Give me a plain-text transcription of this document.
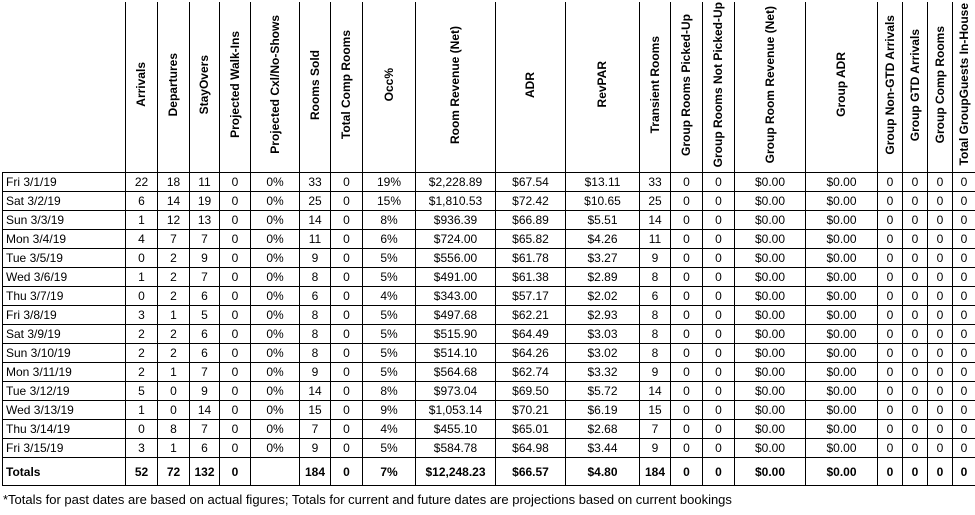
	Arrivals	Departures	StayOvers	Projected Walk-Ins	Projected Cxl/No-Shows	Rooms Sold	Total Comp Rooms	Occ%	Room Revenue (Net)	ADR	RevPAR	Transient Rooms	Group Rooms Picked-Up	Group Rooms Not Picked-Up	Group Room Revenue (Net)	Group ADR	Group Non-GTD Arrivals	Group GTD Arrivals	Group Comp Rooms	Total GroupGuests In-House
Fri 3/1/19	22	18	11	0	0%	33	0	19%	$2,228.89	$67.54	$13.11	33	0	0	$0.00	$0.00	0	0	0	0
Sat 3/2/19	6	14	19	0	0%	25	0	15%	$1,810.53	$72.42	$10.65	25	0	0	$0.00	$0.00	0	0	0	0
Sun 3/3/19	1	12	13	0	0%	14	0	8%	$936.39	$66.89	$5.51	14	0	0	$0.00	$0.00	0	0	0	0
Mon 3/4/19	4	7	7	0	0%	11	0	6%	$724.00	$65.82	$4.26	11	0	0	$0.00	$0.00	0	0	0	0
Tue 3/5/19	0	2	9	0	0%	9	0	5%	$556.00	$61.78	$3.27	9	0	0	$0.00	$0.00	0	0	0	0
Wed 3/6/19	1	2	7	0	0%	8	0	5%	$491.00	$61.38	$2.89	8	0	0	$0.00	$0.00	0	0	0	0
Thu 3/7/19	0	2	6	0	0%	6	0	4%	$343.00	$57.17	$2.02	6	0	0	$0.00	$0.00	0	0	0	0
Fri 3/8/19	3	1	5	0	0%	8	0	5%	$497.68	$62.21	$2.93	8	0	0	$0.00	$0.00	0	0	0	0
Sat 3/9/19	2	2	6	0	0%	8	0	5%	$515.90	$64.49	$3.03	8	0	0	$0.00	$0.00	0	0	0	0
Sun 3/10/19	2	2	6	0	0%	8	0	5%	$514.10	$64.26	$3.02	8	0	0	$0.00	$0.00	0	0	0	0
Mon 3/11/19	2	1	7	0	0%	9	0	5%	$564.68	$62.74	$3.32	9	0	0	$0.00	$0.00	0	0	0	0
Tue 3/12/19	5	0	9	0	0%	14	0	8%	$973.04	$69.50	$5.72	14	0	0	$0.00	$0.00	0	0	0	0
Wed 3/13/19	1	0	14	0	0%	15	0	9%	$1,053.14	$70.21	$6.19	15	0	0	$0.00	$0.00	0	0	0	0
Thu 3/14/19	0	8	7	0	0%	7	0	4%	$455.10	$65.01	$2.68	7	0	0	$0.00	$0.00	0	0	0	0
Fri 3/15/19	3	1	6	0	0%	9	0	5%	$584.78	$64.98	$3.44	9	0	0	$0.00	$0.00	0	0	0	0
Totals	52	72	132	0		184	0	7%	$12,248.23	$66.57	$4.80	184	0	0	$0.00	$0.00	0	0	0	0
*Totals for past dates are based on actual figures; Totals for current and future dates are projections based on current bookings
